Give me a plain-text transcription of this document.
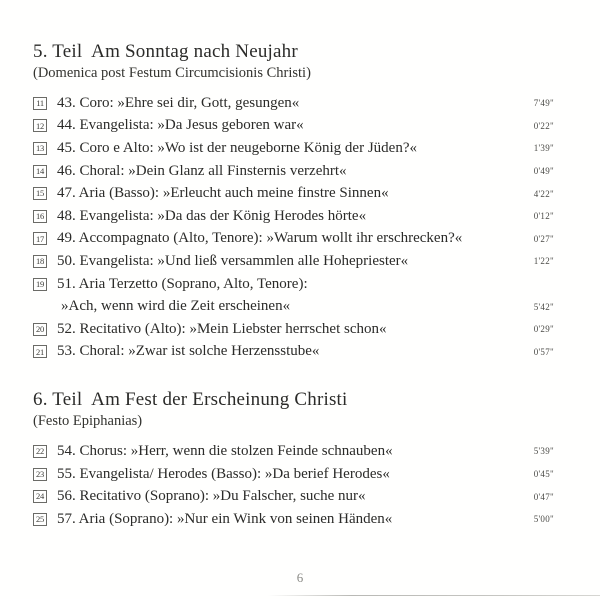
5. Teil  Am Sonntag nach Neujahr
(Domenica post Festum Circumcisionis Christi)
11 43. Coro: »Ehre sei dir, Gott, gesungen«	7'49"
12 44. Evangelista: »Da Jesus geboren war«	0'22"
13 45. Coro e Alto: »Wo ist der neugeborne König der Jüden?«	1'39"
14 46. Choral: »Dein Glanz all Finsternis verzehrt«	0'49"
15 47. Aria (Basso): »Erleucht auch meine finstre Sinnen«	4'22"
16 48. Evangelista: »Da das der König Herodes hörte«	0'12"
17 49. Accompagnato (Alto, Tenore): »Warum wollt ihr erschrecken?«	0'27"
18 50. Evangelista: »Und ließ versammlen alle Hohepriester«	1'22"
19 51. Aria Terzetto (Soprano, Alto, Tenore):
»Ach, wenn wird die Zeit erscheinen«	5'42"
20 52. Recitativo (Alto): »Mein Liebster herrschet schon«	0'29"
21 53. Choral: »Zwar ist solche Herzensstube«	0'57"
6. Teil  Am Fest der Erscheinung Christi
(Festo Epiphanias)
22 54. Chorus: »Herr, wenn die stolzen Feinde schnauben«	5'39"
23 55. Evangelista/ Herodes (Basso): »Da berief Herodes«	0'45"
24 56. Recitativo (Soprano): »Du Falscher, suche nur«	0'47"
25 57. Aria (Soprano): »Nur ein Wink von seinen Händen«	5'00"
6
